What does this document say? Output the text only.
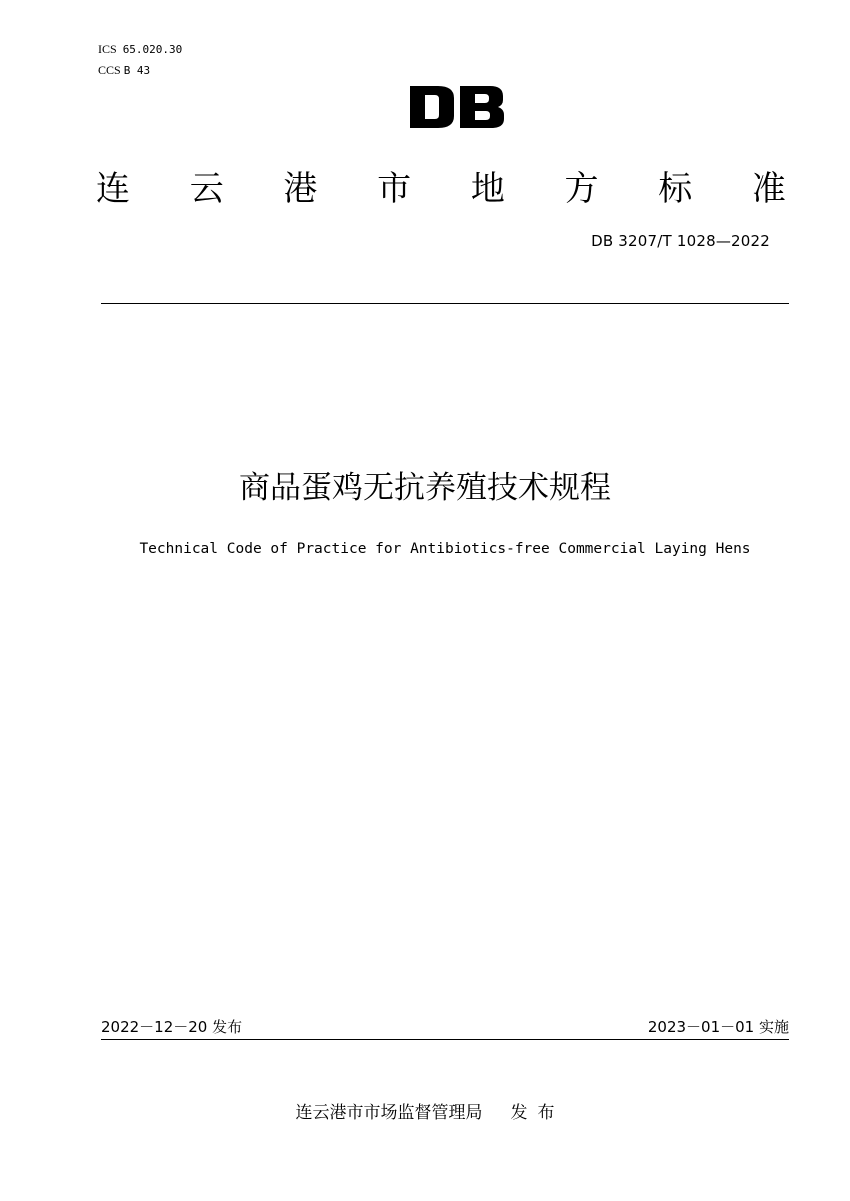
ICS 65.020.30
CCS B 43
连 云 港 市 地 方 标 准
DB 3207/T 1028—2022
商品蛋鸡无抗养殖技术规程
Technical Code of Practice for Antibiotics-free Commercial Laying Hens
2022－12－20 发布	2023－01－01 实施
连云港市市场监督管理局 发 布
